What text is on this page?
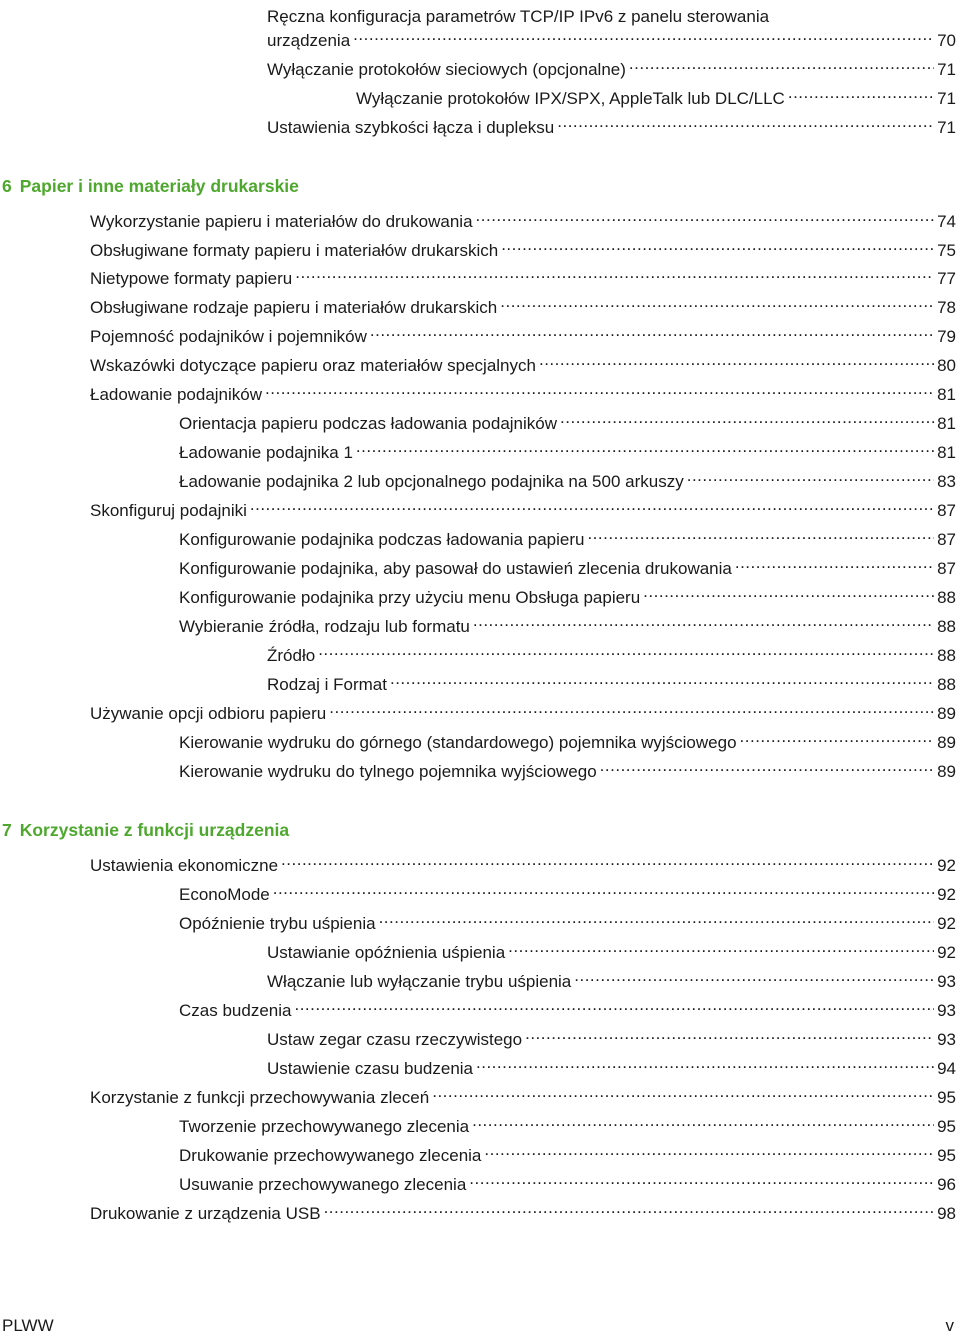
Ręczna konfiguracja parametrów TCP/IP IPv6 z panelu sterowania
urządzenia .....	70
Wyłączanie protokołów sieciowych (opcjonalne) .....	71
Wyłączanie protokołów IPX/SPX, AppleTalk lub DLC/LLC .....	71
Ustawienia szybkości łącza i dupleksu .....	71
6 Papier i inne materiały drukarskie
Wykorzystanie papieru i materiałów do drukowania .....	74
Obsługiwane formaty papieru i materiałów drukarskich .....	75
Nietypowe formaty papieru .....	77
Obsługiwane rodzaje papieru i materiałów drukarskich .....	78
Pojemność podajników i pojemników .....	79
Wskazówki dotyczące papieru oraz materiałów specjalnych .....	80
Ładowanie podajników .....	81
Orientacja papieru podczas ładowania podajników .....	81
Ładowanie podajnika 1 .....	81
Ładowanie podajnika 2 lub opcjonalnego podajnika na 500 arkuszy .....	83
Skonfiguruj podajniki .....	87
Konfigurowanie podajnika podczas ładowania papieru .....	87
Konfigurowanie podajnika, aby pasował do ustawień zlecenia drukowania .....	87
Konfigurowanie podajnika przy użyciu menu Obsługa papieru .....	88
Wybieranie źródła, rodzaju lub formatu .....	88
Źródło .....	88
Rodzaj i Format .....	88
Używanie opcji odbioru papieru .....	89
Kierowanie wydruku do górnego (standardowego) pojemnika wyjściowego .....	89
Kierowanie wydruku do tylnego pojemnika wyjściowego .....	89
7 Korzystanie z funkcji urządzenia
Ustawienia ekonomiczne .....	92
EconoMode .....	92
Opóźnienie trybu uśpienia .....	92
Ustawianie opóźnienia uśpienia .....	92
Włączanie lub wyłączanie trybu uśpienia .....	93
Czas budzenia .....	93
Ustaw zegar czasu rzeczywistego .....	93
Ustawienie czasu budzenia .....	94
Korzystanie z funkcji przechowywania zleceń .....	95
Tworzenie przechowywanego zlecenia .....	95
Drukowanie przechowywanego zlecenia .....	95
Usuwanie przechowywanego zlecenia .....	96
Drukowanie z urządzenia USB .....	98
PLWW	v
